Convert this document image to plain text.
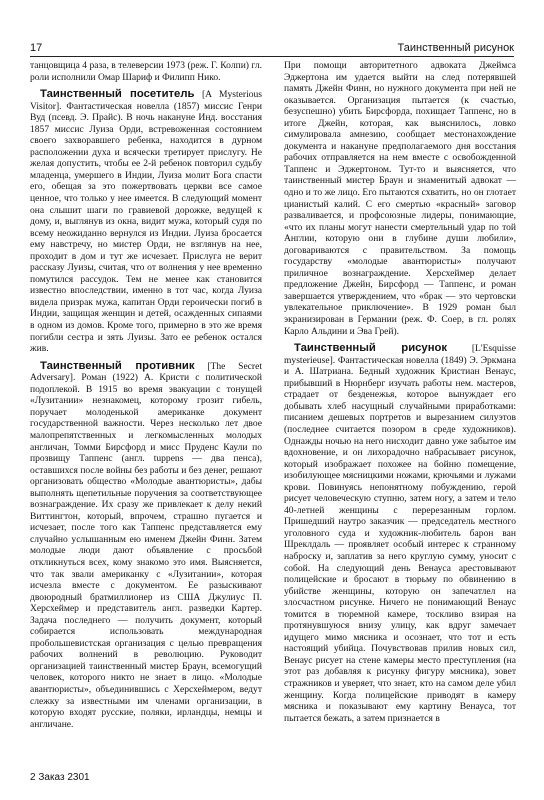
17	Таинственный рисунок

танцовщица 4 раза, в телеверсии 1973 (реж. Г. Колпи) гл. роли исполнили Омар Шариф и Филипп Нико.

Таинственный посетитель [A Mysterious Visitor]. Фантастическая новелла (1857) миссис Генри Вуд (псевд. Э. Прайс). В ночь накануне Инд. восстания 1857 миссис Луиза Орди, встревоженная состоянием своего захворавшего ребенка, находится в дурном расположении духа и всячески третирует прислугу. Не желая допустить, чтобы ее 2-й ребенок повторил судьбу младенца, умершего в Индии, Луиза молит Бога спасти его, обещая за это пожертвовать церкви все самое ценное, что только у нее имеется. В следующий момент она слышит шаги по гравиевой дорожке, ведущей к дому, и, выглянув из окна, видит мужа, который судя по всему неожиданно вернулся из Индии. Луиза бросается ему навстречу, но мистер Орди, не взглянув на нее, проходит в дом и тут же исчезает. Прислуга не верит рассказу Луизы, считая, что от волнения у нее временно помутился рассудок. Тем не менее как становится известно впоследствии, именно в тот час, когда Луиза видела призрак мужа, капитан Орди героически погиб в Индии, защищая женщин и детей, осажденных сипаями в одном из домов. Кроме того, примерно в это же время погибли сестра и зять Луизы. Зато ее ребенок остался жив.

Таинственный противник [The Secret Adversary]. Роман (1922) А. Кристи с политической подоплекой. В 1915 во время эвакуации с тонущей «Лузитании» незнакомец, которому грозит гибель, поручает молоденькой американке документ государственной важности. Через несколько лет двое малопрепятственных и легкомысленных молодых англичан, Томми Бирсфорд и мисс Пруденс Каули по прозвищу Таппенс (англ. tuppens — два пенса), оставшихся после войны без работы и без денег, решают организовать общество «Молодые авантюристы», дабы выполнять щепетильные поручения за соответствующее вознаграждение. Их сразу же привлекает к делу некий Виттингтон, который, впрочем, страшно пугается и исчезает, после того как Таппенс представляется ему случайно услышанным ею именем Джейн Финн. Затем молодые люди дают объявление с просьбой откликнуться всех, кому знакомо это имя. Выясняется, что так звали американку с «Лузитании», которая исчезла вместе с документом. Ее разыскивают двоюродный братмиллионер из США Джулиус П. Херсхеймер и представитель англ. разведки Картер. Задача последнего — получить документ, который собирается использовать международная пробольшевистская организация с целью превращения рабочих волнений в революцию. Руководит организацией таинственный мистер Браун, всемогущий человек, которого никто не знает в лицо. «Молодые авантюристы», объединившись с Херсхеймером, ведут слежку за известными им членами организации, в которую входят русские, поляки, ирландцы, немцы и англичане.

При помощи авторитетного адвоката Джеймса Эджертона им удается выйти на след потерявшей память Джейн Финн, но нужного документа при ней не оказывается. Организация пытается (к счастью, безуспешно) убить Бирсфорда, похищает Таппенс, но в итоге Джейн, которая, как выяснилось, ловко симулировала амнезию, сообщает местонахождение документа и накануне предполагаемого дня восстания рабочих отправляется на нем вместе с освобожденной Таппенс и Эджертоном. Тут-то и выясняется, что таинственный мистер Браун и знаменитый адвокат — одно и то же лицо. Его пытаются схватить, но он глотает цианистый калий. С его смертью «красный» заговор разваливается, и профсоюзные лидеры, понимающие, «что их планы могут нанести смертельный удар по той Англии, которую они в глубине души любили», договариваются с правительством. За помощь государству «молодые авантюристы» получают приличное вознаграждение. Херсхеймер делает предложение Джейн, Бирсфорд — Таппенс, и роман завершается утверждением, что «брак — это чертовски увлекательное приключение». В 1929 роман был экранизирован в Германии (реж. Ф. Соер, в гл. ролях Карло Альдини и Эва Грей).

Таинственный рисунок	[L'Esquisse mysterieuse]. Фантастическая новелла (1849) Э. Эркмана и А. Шатриана. Бедный художник Кристиан Венаус, прибывший в Нюрнберг изучать работы нем. мастеров, страдает от безденежья, которое вынуждает его добывать хлеб насущный случайными приработками: писанием дешевых портретов и вырезанием силуэтов (последнее считается позором в среде художников). Однажды ночью на него нисходит давно уже забытое им вдохновение, и он лихорадочно набрасывает рисунок, который изображает похожее на бойню помещение, изобилующее мясницкими ножами, крючьями и лужами крови. Повинуясь непонятному побуждению, герой рисует человеческую ступню, затем ногу, а затем и тело 40-летней женщины с перерезанным горлом. Пришедший наутро заказчик — председатель местного уголовного суда и художник-любитель барон ван Шреклдаль — проявляет особый интерес к странному наброску и, заплатив за него круглую сумму, уносит с собой. На следующий день Венауса арестовывают полицейские и бросают в тюрьму по обвинению в убийстве женщины, которую он запечатлел на злосчастном рисунке. Ничего не понимающий Венаус томится в тюремной камере, тоскливо взирая на протянувшуюся внизу улицу, как вдруг замечает идущего мимо мясника и осознает, что тот и есть настоящий убийца. Почувствовав прилив новых сил, Венаус рисует на стене камеры место преступления (на этот раз добавляя к рисунку фигуру мясника), зовет стражников и уверяет, что знает, кто на самом деле убил женщину. Когда полицейские приводят в камеру мясника и показывают ему картину Венауса, тот пытается бежать, а затем признается в

2 Заказ 2301
